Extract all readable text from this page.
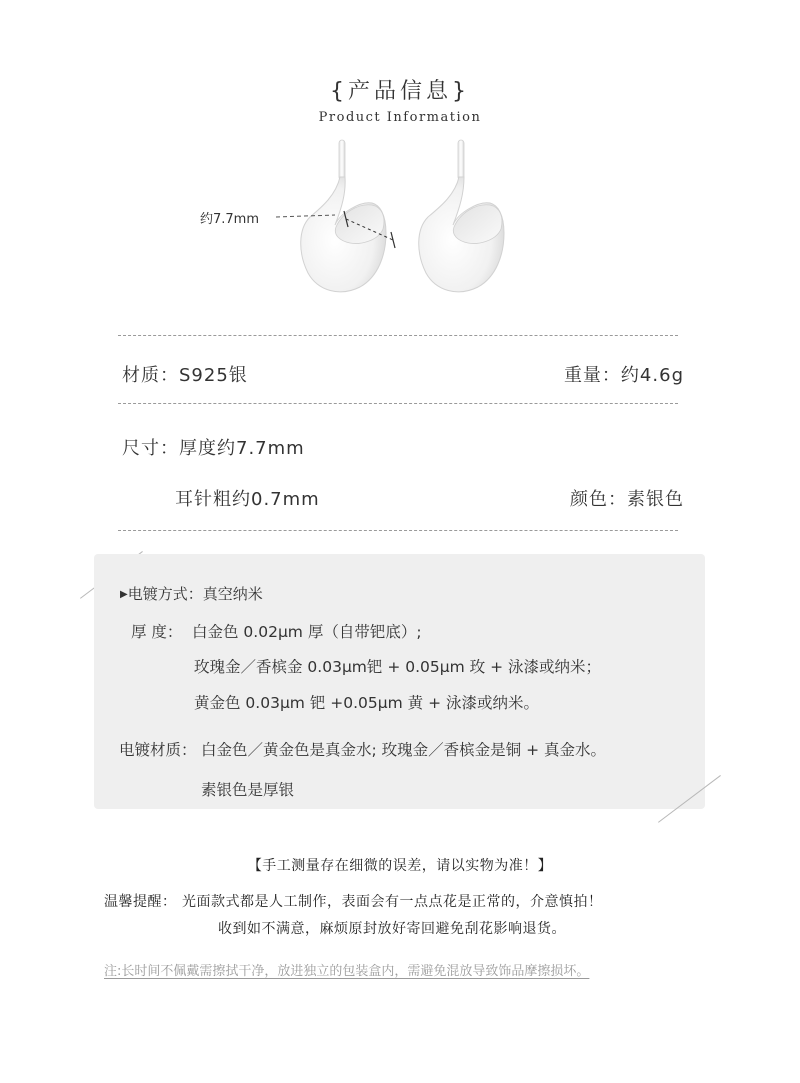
{产品信息}
Product Information
约7.7mm
材质：S925银	重量：约4.6g
尺寸：厚度约7.7mm
耳针粗约0.7mm	颜色：素银色
▶电镀方式：真空纳米
厚 度： 白金色 0.02μm 厚（自带钯底）;
玫瑰金／香槟金 0.03μm钯 + 0.05μm 玫 + 泳漆或纳米；
黄金色 0.03μm 钯 +0.05μm 黄 + 泳漆或纳米。
电镀材质： 白金色／黄金色是真金水; 玫瑰金／香槟金是铜 + 真金水。
素银色是厚银
【手工测量存在细微的误差，请以实物为准！】
温馨提醒： 光面款式都是人工制作，表面会有一点点花是正常的，介意慎拍！
收到如不满意，麻烦原封放好寄回避免刮花影响退货。
注:长时间不佩戴需擦拭干净，放进独立的包装盒内，需避免混放导致饰品摩擦损坏。
